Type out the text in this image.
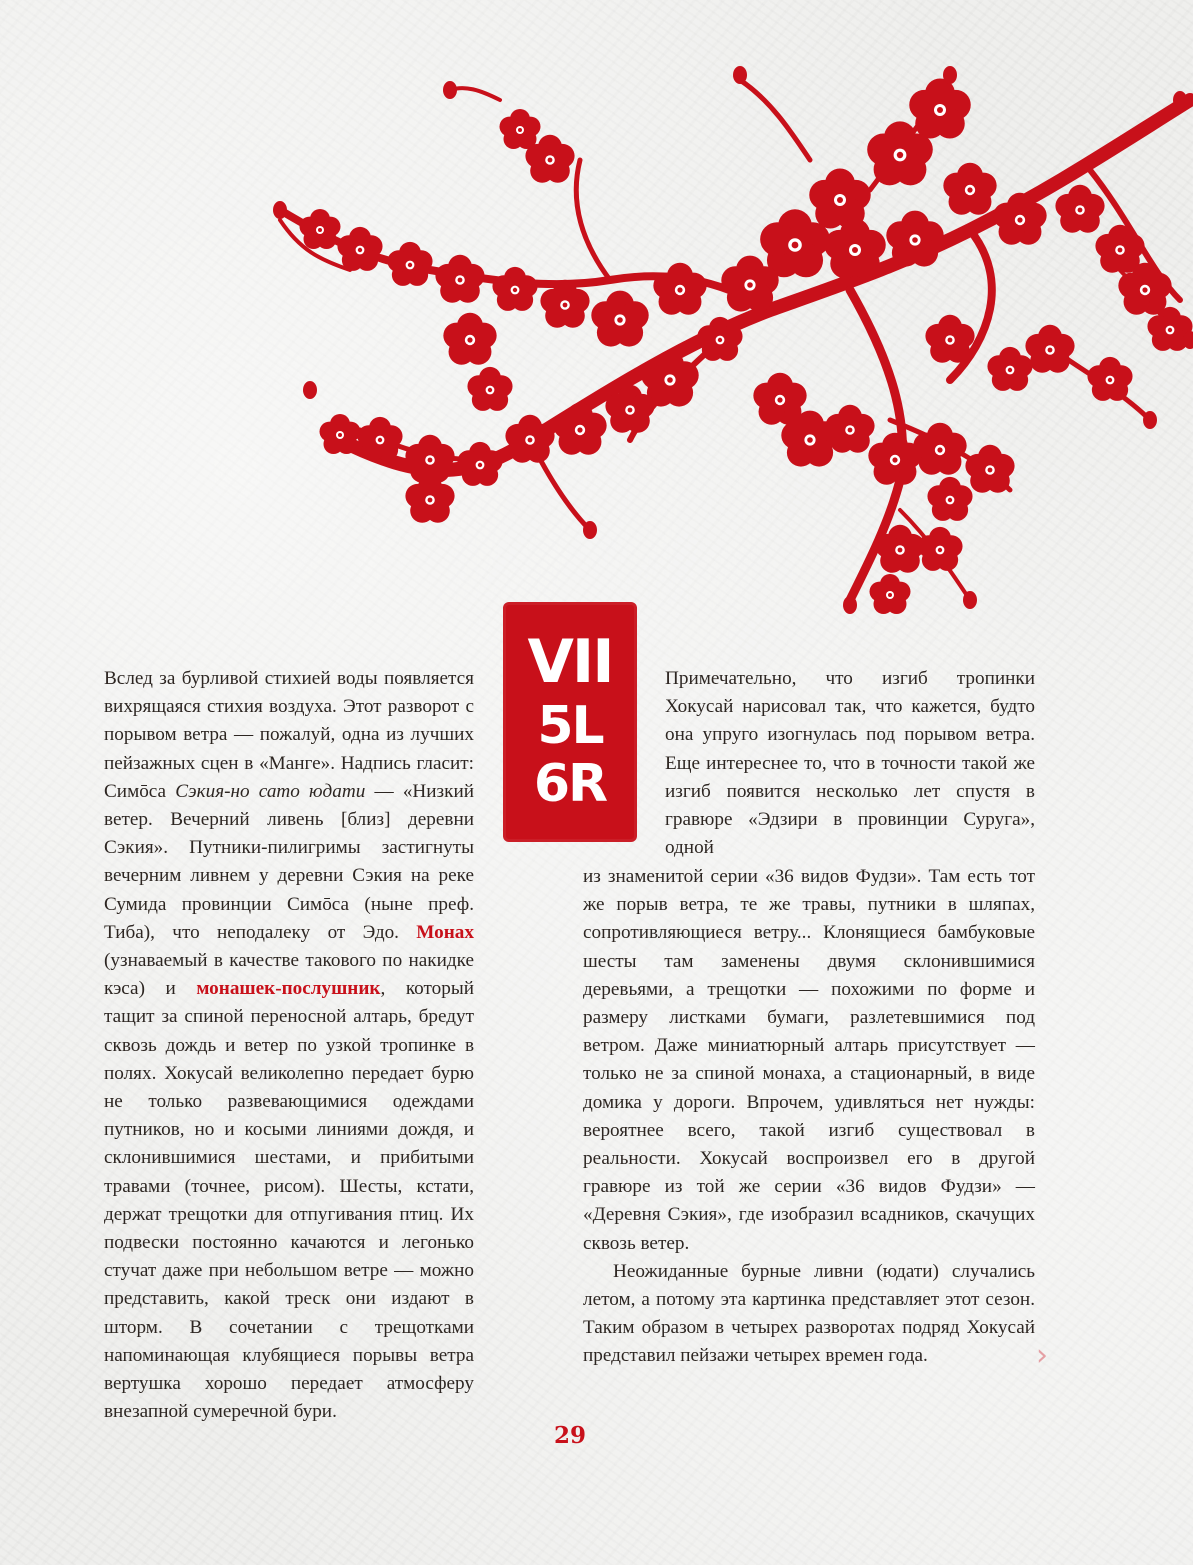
VII
5L
6R

Вслед за бурливой стихией воды появляется вихрящаяся стихия воздуха. Этот разворот с порывом ветра — пожалуй, одна из лучших пейзажных сцен в «Манге». Надпись гласит: Симōса Сэкия-но сато юдати — «Низкий ветер. Вечерний ливень [близ] деревни Сэкия». Путники-пилигримы застигнуты вечерним ливнем у деревни Сэкия на реке Сумида провинции Симōса (ныне преф. Тиба), что неподалеку от Эдо. Монах (узнаваемый в качестве такового по накидке кэса) и монашек-послушник, который тащит за спиной переносной алтарь, бредут сквозь дождь и ветер по узкой тропинке в полях. Хокусай великолепно передает бурю не только развевающимися одеждами путников, но и косыми линиями дождя, и склонившимися шестами, и прибитыми травами (точнее, рисом). Шесты, кстати, держат трещотки для отпугивания птиц. Их подвески постоянно качаются и легонько стучат даже при небольшом ветре — можно представить, какой треск они издают в шторм. В сочетании с трещотками напоминающая клубящиеся порывы ветра вертушка хорошо передает атмосферу внезапной сумеречной бури.

Примечательно, что изгиб тропинки Хокусай нарисовал так, что кажется, будто она упруго изогнулась под порывом ветра. Еще интереснее то, что в точности такой же изгиб появится несколько лет спустя в гравюре «Эдзири в провинции Суруга», одной

из знаменитой серии «36 видов Фудзи». Там есть тот же порыв ветра, те же травы, путники в шляпах, сопротивляющиеся ветру... Клонящиеся бамбуковые шесты там заменены двумя склонившимися деревьями, а трещотки — похожими по форме и размеру листками бумаги, разлетевшимися под ветром. Даже миниатюрный алтарь присутствует — только не за спиной монаха, а стационарный, в виде домика у дороги. Впрочем, удивляться нет нужды: вероятнее всего, такой изгиб существовал в реальности. Хокусай воспроизвел его в другой гравюре из той же серии «36 видов Фудзи» — «Деревня Сэкия», где изобразил всадников, скачущих сквозь ветер.

Неожиданные бурные ливни (юдати) случались летом, а потому эта картинка представляет этот сезон. Таким образом в четырех разворотах подряд Хокусай представил пейзажи четырех времен года.	›
29
